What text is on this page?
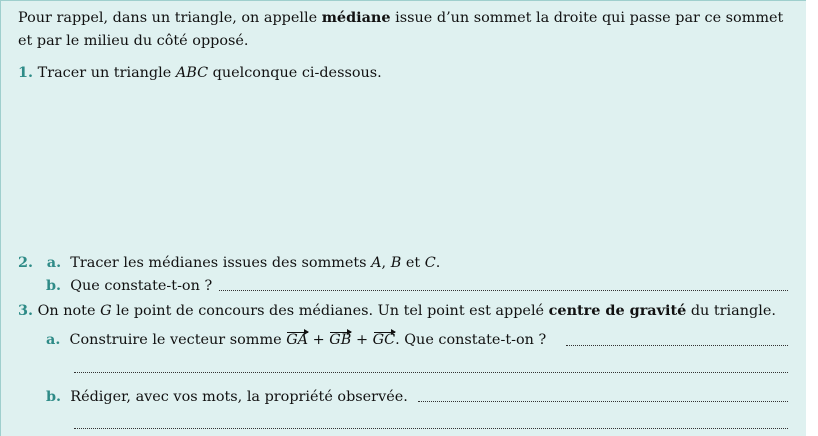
Pour rappel, dans un triangle, on appelle médiane issue d’un sommet la droite qui passe par ce sommet
et par le milieu du côté opposé.
1. Tracer un triangle ABC quelconque ci-dessous.
2. a. Tracer les médianes issues des sommets A, B et C.
b. Que constate-t-on ?
3. On note G le point de concours des médianes. Un tel point est appelé centre de gravité du triangle.
a. Construire le vecteur somme GA + GB + GC. Que constate-t-on ?
b. Rédiger, avec vos mots, la propriété observée.
